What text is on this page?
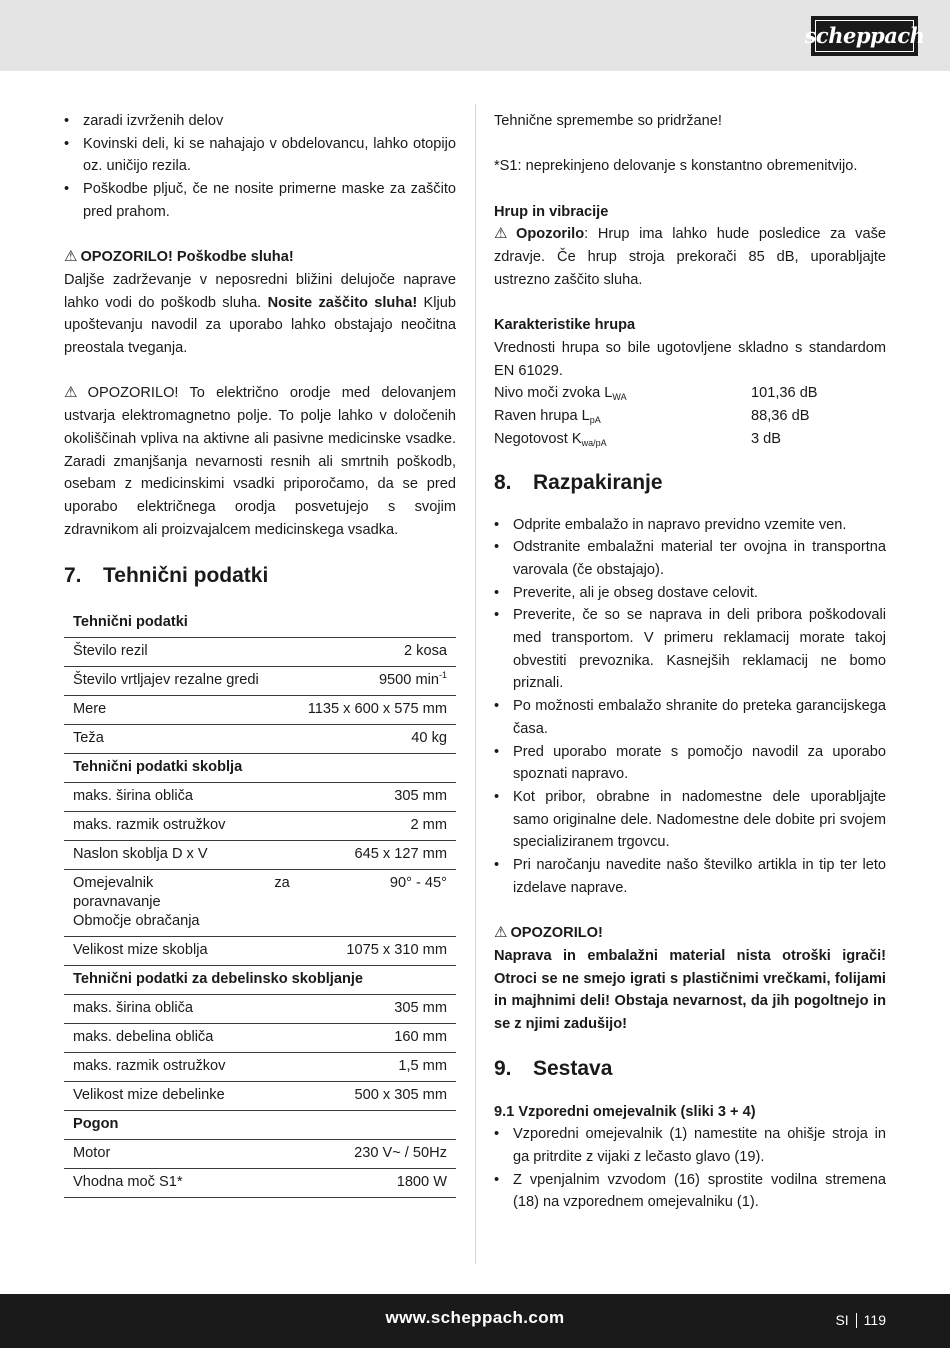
scheppach
• zaradi izvrženih delov
• Kovinski deli, ki se nahajajo v obdelovancu, lahko otopijo oz. uničijo rezila.
• Poškodbe pljuč, če ne nosite primerne maske za zaščito pred prahom.
⚠ OPOZORILO! Poškodbe sluha!

Daljše zadrževanje v neposredni bližini delujoče naprave lahko vodi do poškodb sluha. Nosite zaščito sluha! Kljub upoštevanju navodil za uporabo lahko obstajajo neočitna preostala tveganja.

⚠ OPOZORILO! To električno orodje med delovanjem ustvarja elektromagnetno polje. To polje lahko v določenih okoliščinah vpliva na aktivne ali pasivne medicinske vsadke. Zaradi zmanjšanja nevarnosti resnih ali smrtnih poškodb, osebam z medicinskimi vsadki priporočamo, da se pred uporabo električnega orodja posvetujejo s svojim zdravnikom ali proizvajalcem medicinskega vsadka.

7.	Tehnični podatki
Tehnični podatki	
Število rezil	2 kosa
Število vrtljajev rezalne gredi	9500 $\min^{-1}$
Mere	1135 x 600 x 575 mm
Teža	40 kg
Tehnični podatki skoblja	
maks. širina obliča	305 mm
maks. razmik ostružkov	2 mm
Naslon skoblja D x V	645 x 127 mm

Omejevalnik za
poravnavanje
Območje obračanja	90° - 45°
Velikost mize skoblja	1075 x 310 mm
Tehnični podatki za debelinsko skobljanje	
maks. širina obliča	305 mm
maks. debelina obliča	160 mm
maks. razmik ostružkov	1,5 mm
Velikost mize debelinke	500 x 305 mm
Pogon	
Motor	230 V~ / 50Hz
Vhodna moč S1*	1800 W

Tehnične spremembe so pridržane!

*S1: neprekinjeno delovanje s konstantno obremenitvijo.

Hrup in vibracije

⚠ Opozorilo: Hrup ima lahko hude posledice za vaše zdravje. Če hrup stroja prekorači 85 dB, uporabljajte ustrezno zaščito sluha.

Karakteristike hrupa

Vrednosti hrupa so bile ugotovljene skladno s standardom EN 61029.

Nivo moči zvoka $L_{WA}$	101,36 dB
Raven hrupa $L_{pA}$	88,36 dB
Negotovost $K_{wa/pA}$	3 dB
8.	Razpakiranje
• Odprite embalažo in napravo previdno vzemite ven.
• Odstranite embalažni material ter ovojna in transportna varovala (če obstajajo).
• Preverite, ali je obseg dostave celovit.
• Preverite, če so se naprava in deli pribora poškodovali med transportom. V primeru reklamacij morate takoj obvestiti prevoznika. Kasnejših reklamacij ne bomo priznali.
• Po možnosti embalažo shranite do preteka garancijskega časa.
• Pred uporabo morate s pomočjo navodil za uporabo spoznati napravo.
• Kot pribor, obrabne in nadomestne dele uporabljajte samo originalne dele. Nadomestne dele dobite pri svojem specializiranem trgovcu.
• Pri naročanju navedite našo številko artikla in tip ter leto izdelave naprave.
⚠ OPOZORILO!

Naprava in embalažni material nista otroški igrači! Otroci se ne smejo igrati s plastičnimi vrečkami, folijami in majhnimi deli! Obstaja nevarnost, da jih pogoltnejo in se z njimi zadušijo!

9.	Sestava
9.1 Vzporedni omejevalnik (sliki 3 + 4)
• Vzporedni omejevalnik (1) namestite na ohišje stroja in ga pritrdite z vijaki z lečasto glavo (19).
• Z vpenjalnim vzvodom (16) sprostite vodilna stremena (18) na vzporednem omejevalniku (1).
www.scheppach.com	SI 119
